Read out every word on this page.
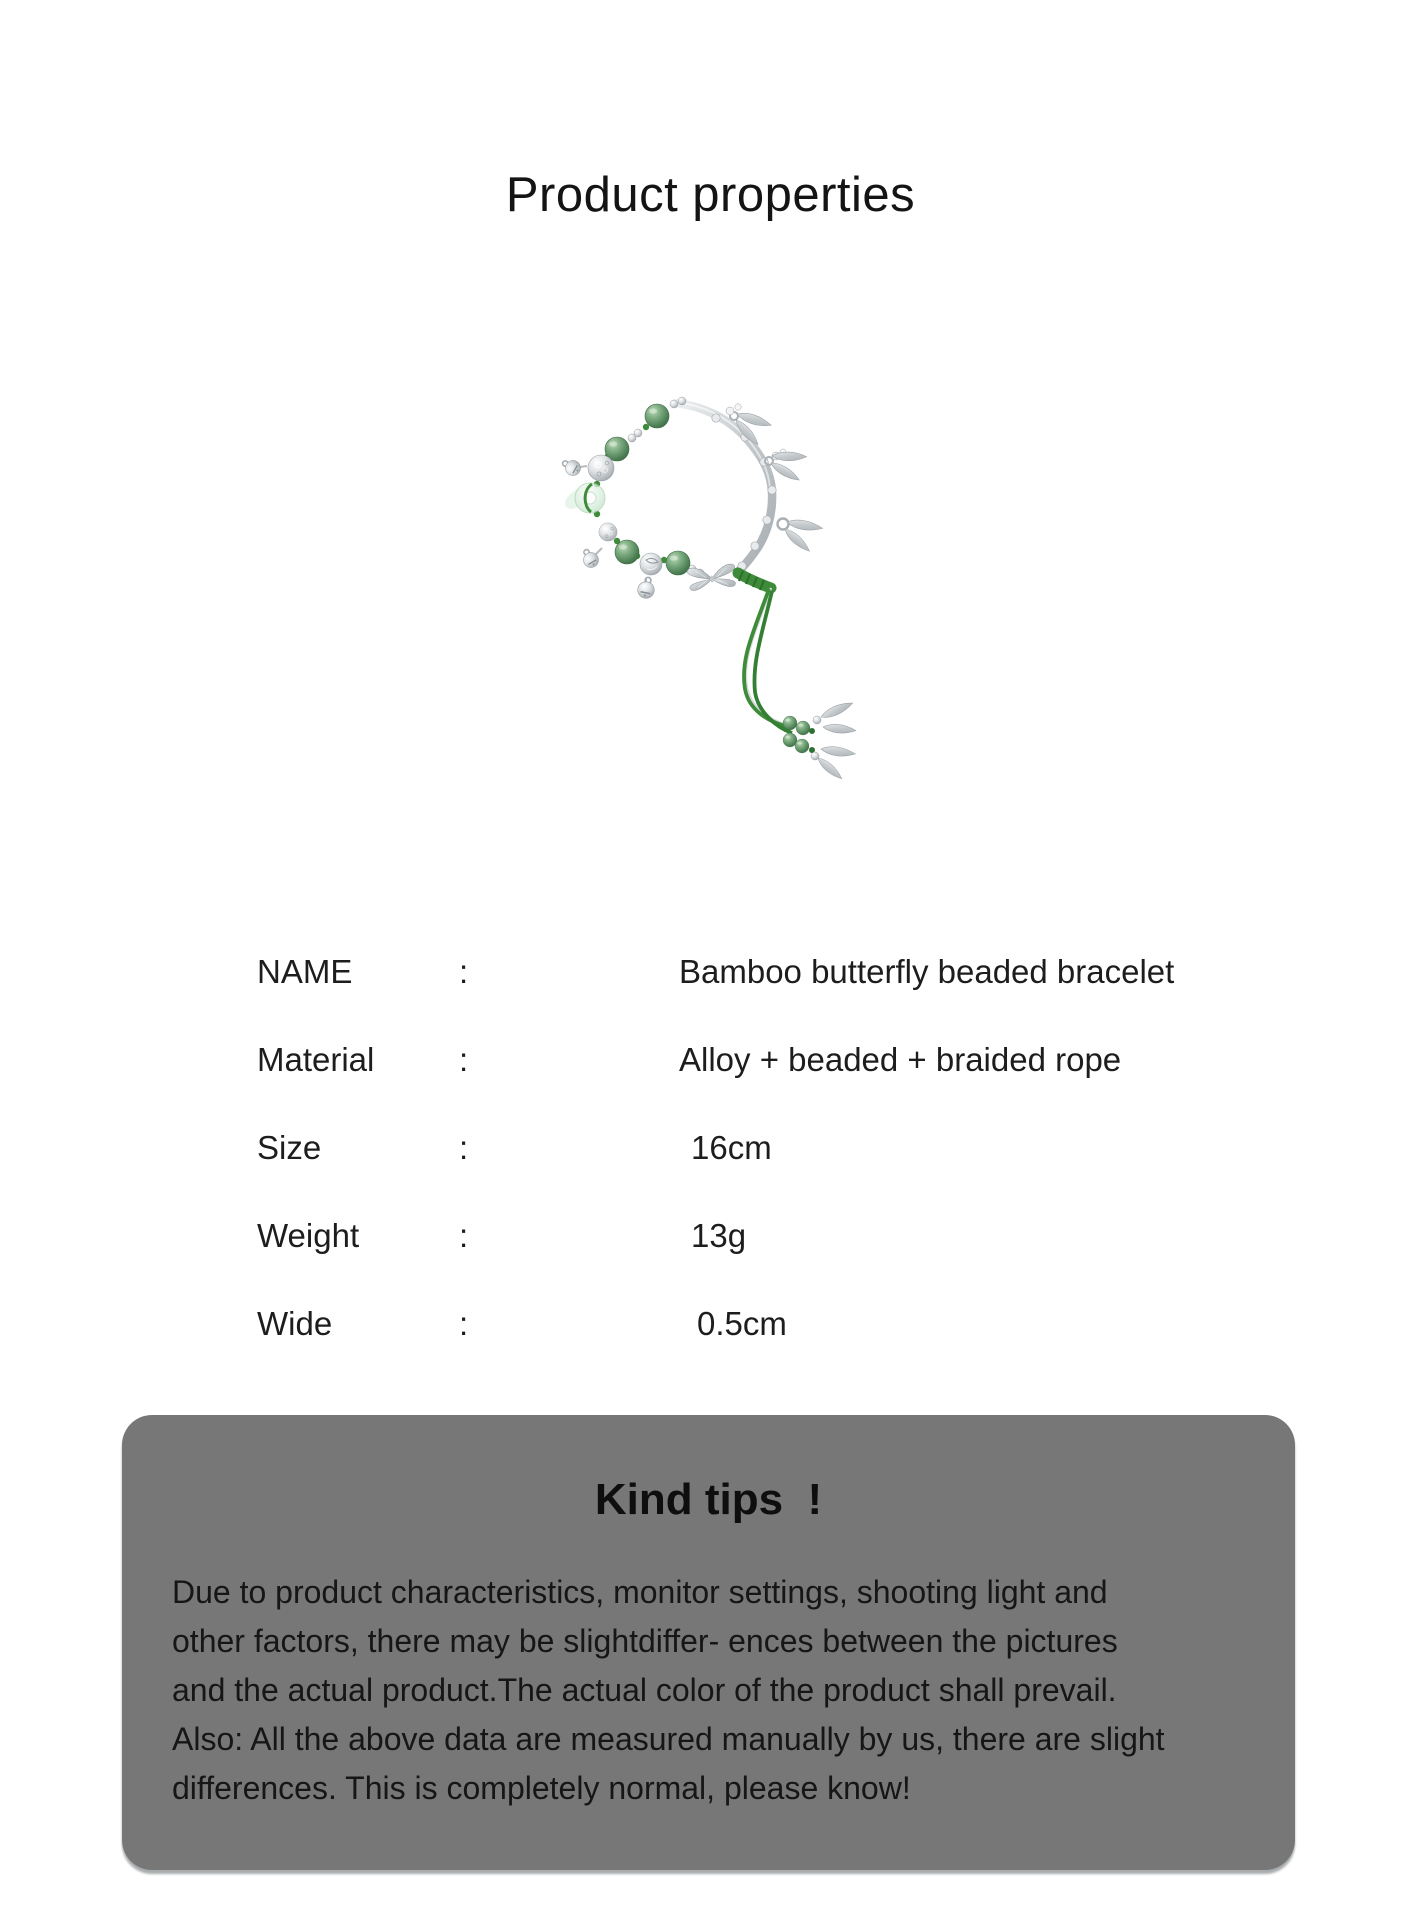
Product properties
NAME	:	Bamboo butterfly beaded bracelet
Material	:	Alloy + beaded + braided rope
Size	:	16cm
Weight	:	13g
Wide	:	0.5cm
Kind tips  !
Due to product characteristics, monitor settings, shooting light and
other factors, there may be slightdiffer- ences between the pictures
and the actual product.The actual color of the product shall prevail.
Also: All the above data are measured manually by us, there are slight
differences. This is completely normal, please know!
